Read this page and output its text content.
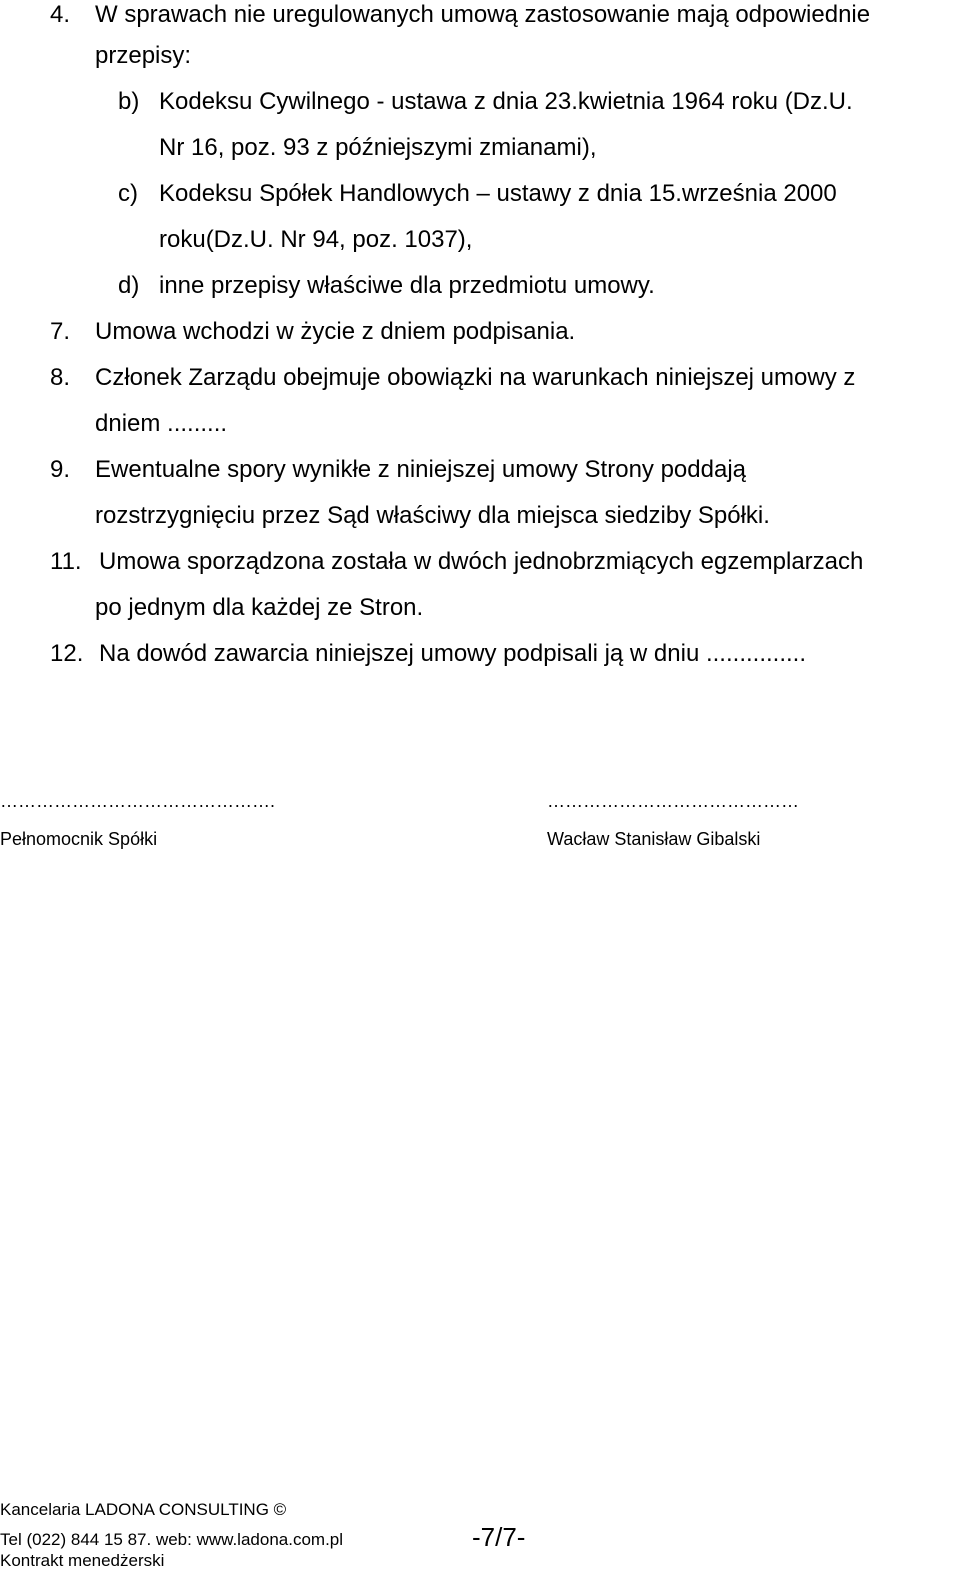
4. W sprawach nie uregulowanych umową zastosowanie mają odpowiednie
przepisy:
b) Kodeksu Cywilnego - ustawa z dnia 23.kwietnia 1964 roku (Dz.U.
Nr 16, poz. 93 z późniejszymi zmianami),
c) Kodeksu Spółek Handlowych – ustawy z dnia 15.września 2000
roku(Dz.U. Nr 94, poz. 1037),
d) inne przepisy właściwe dla przedmiotu umowy.
7. Umowa wchodzi w życie z dniem podpisania.
8. Członek Zarządu obejmuje obowiązki na warunkach niniejszej umowy z
dniem .........
9. Ewentualne spory wynikłe z niniejszej umowy Strony poddają
rozstrzygnięciu przez Sąd właściwy dla miejsca siedziby Spółki.
11. Umowa sporządzona została w dwóch jednobrzmiących egzemplarzach
po jednym dla każdej ze Stron.
12. Na dowód zawarcia niniejszej umowy podpisali ją w dniu ...............
……………………………………….
Pełnomocnik Spółki
……………………………………
Wacław Stanisław Gibalski
Kancelaria LADONA CONSULTING ©
Tel (022) 844 15 87. web: www.ladona.com.pl
Kontrakt menedżerski
-7/7-
